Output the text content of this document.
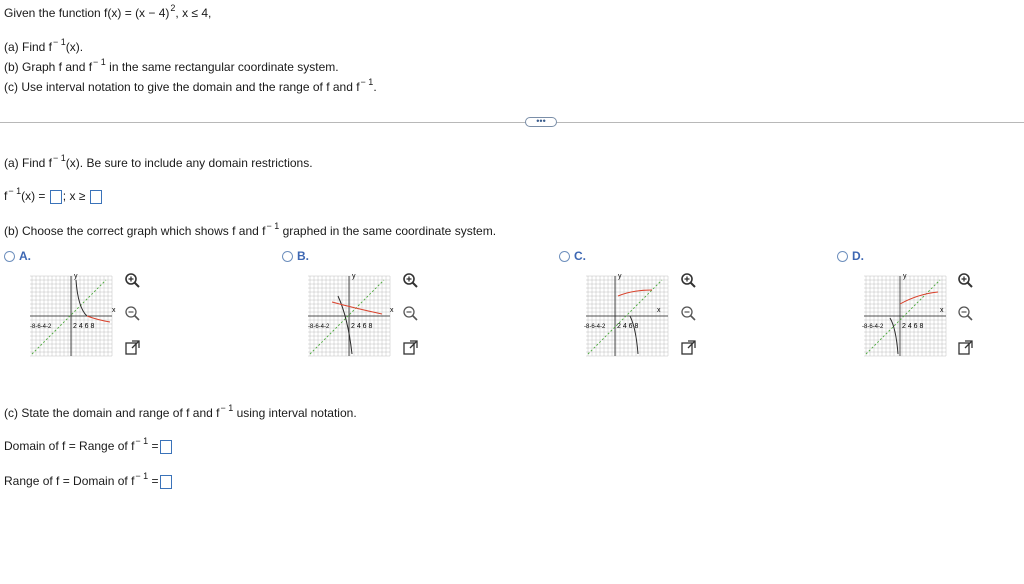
Given the function $f(x) = (x - 4)^2$, x ≤ 4,
(a) Find $f^{- 1}(x)$.
(b) Graph f and $f^{- 1}$ in the same rectangular coordinate system.
(c) Use interval notation to give the domain and the range of f and $f^{- 1}$.
•••
(a) Find $f^{- 1}(x)$. Be sure to include any domain restrictions.
$f^{- 1}(x)$ = ; x ≥
(b) Choose the correct graph which shows f and $f^{- 1}$ graphed in the same coordinate system.
A.	B.	C.	D.
y
x
-8-6-4-2	2 4 6 8
y
x
-8-6-4-2	2 4 6 8
y
x
-8-6-4-2 2 4 6 8
y
x
-8-6-4-2	2 4 6 8
(c) State the domain and range of f and $f^{- 1}$ using interval notation.
Domain of f = Range of $f^{- 1}$ =
Range of f = Domain of $f^{- 1}$ =
